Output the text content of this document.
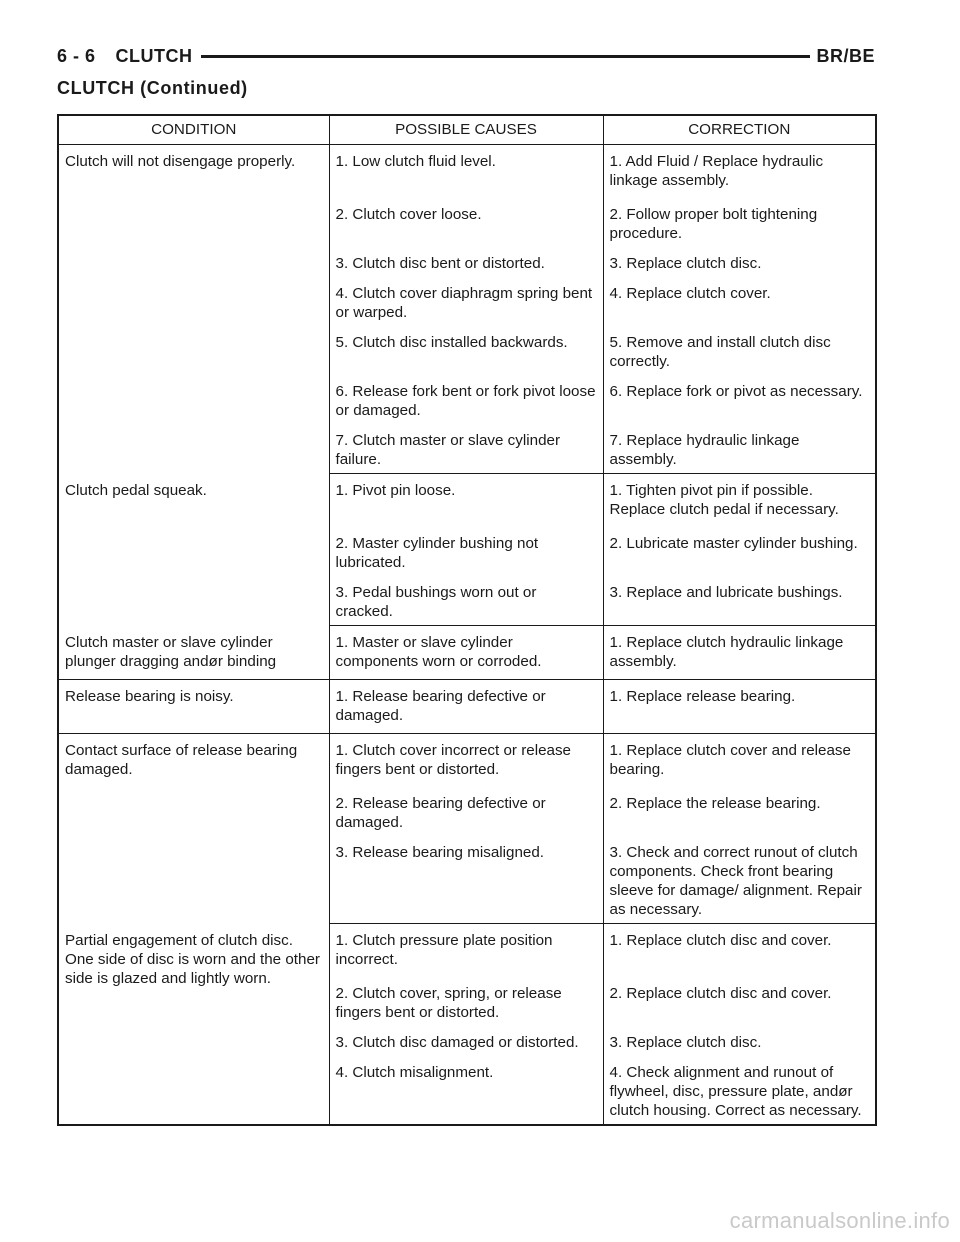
6 - 6 CLUTCH	BR/BE
CLUTCH (Continued)
CONDITION	POSSIBLE CAUSES	CORRECTION
Clutch will not disengage properly.	1. Low clutch fluid level.	1. Add Fluid / Replace hydraulic linkage assembly.
	2. Clutch cover loose.	2. Follow proper bolt tightening procedure.
	3. Clutch disc bent or distorted.	3. Replace clutch disc.
	4. Clutch cover diaphragm spring bent or warped.	4. Replace clutch cover.
	5. Clutch disc installed backwards.	5. Remove and install clutch disc correctly.
	6. Release fork bent or fork pivot loose or damaged.	6. Replace fork or pivot as necessary.
	7. Clutch master or slave cylinder failure.	7. Replace hydraulic linkage assembly.
Clutch pedal squeak.	1. Pivot pin loose.	1. Tighten pivot pin if possible. Replace clutch pedal if necessary.
	2. Master cylinder bushing not lubricated.	2. Lubricate master cylinder bushing.
	3. Pedal bushings worn out or cracked.	3. Replace and lubricate bushings.
Clutch master or slave cylinder plunger dragging andør binding	1. Master or slave cylinder components worn or corroded.	1. Replace clutch hydraulic linkage assembly.
Release bearing is noisy.	1. Release bearing defective or damaged.	1. Replace release bearing.
Contact surface of release bearing damaged.	1. Clutch cover incorrect or release fingers bent or distorted.	1. Replace clutch cover and release bearing.
	2. Release bearing defective or damaged.	2. Replace the release bearing.
	3. Release bearing misaligned.	3. Check and correct runout of clutch components. Check front bearing sleeve for damage/ alignment. Repair as necessary.
Partial engagement of clutch disc. One side of disc is worn and the other side is glazed and lightly worn.	1. Clutch pressure plate position incorrect.	1. Replace clutch disc and cover.
	2. Clutch cover, spring, or release fingers bent or distorted.	2. Replace clutch disc and cover.
	3. Clutch disc damaged or distorted.	3. Replace clutch disc.
	4. Clutch misalignment.	4. Check alignment and runout of flywheel, disc, pressure plate, andør clutch housing. Correct as necessary.
carmanualsonline.info
